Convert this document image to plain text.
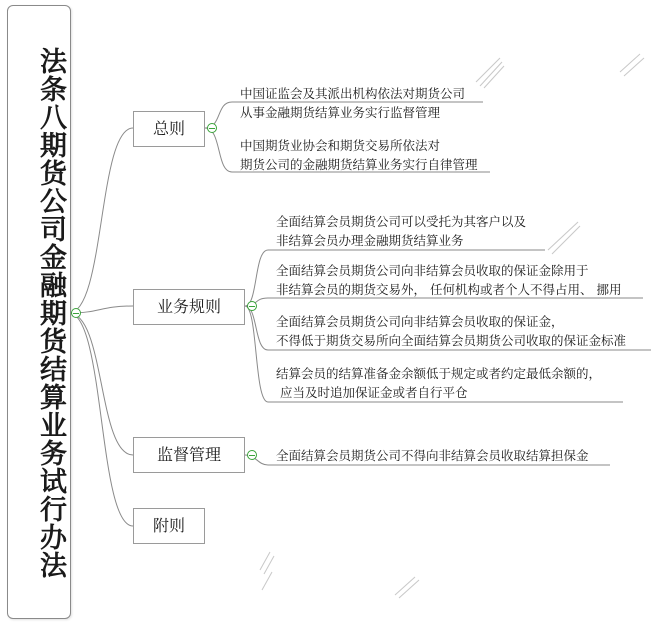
法条八期货公司金融期货结算业务试行办法	总则
中国证监会及其派出机构依法对期货公司
从事金融期货结算业务实行监督管理
中国期货业协会和期货交易所依法对
期货公司的金融期货结算业务实行自律管理
业务规则
全面结算会员期货公司可以受托为其客户以及
非结算会员办理金融期货结算业务
全面结算会员期货公司向非结算会员收取的保证金除用于
非结算会员的期货交易外， 任何机构或者个人不得占用、 挪用
全面结算会员期货公司向非结算会员收取的保证金，
不得低于期货交易所向全面结算会员期货公司收取的保证金标准
结算会员的结算准备金余额低于规定或者约定最低余额的，
应当及时追加保证金或者自行平仓
监督管理	全面结算会员期货公司不得向非结算会员收取结算担保金
附则
